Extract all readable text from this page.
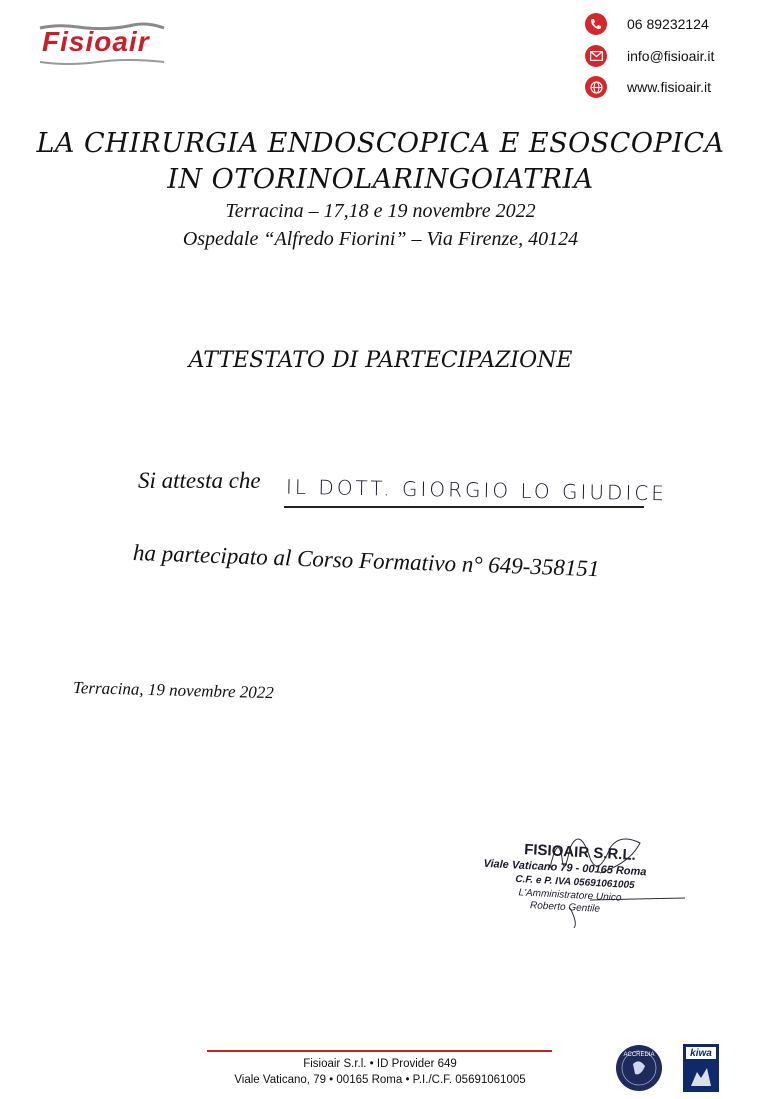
Fisioair
06 89232124
info@fisioair.it
www.fisioair.it
LA CHIRURGIA ENDOSCOPICA E ESOSCOPICA
IN OTORINOLARINGOIATRIA
Terracina – 17,18 e 19 novembre 2022
Ospedale “Alfredo Fiorini” – Via Firenze, 40124
ATTESTATO DI PARTECIPAZIONE
Si attesta che IL DOTT. GIORGIO LO GIUDICE
ha partecipato al Corso Formativo n° 649-358151
Terracina, 19 novembre 2022
FISIOAIR S.R.L.
Viale Vaticano 79 - 00165 Roma
C.F. e P. IVA 05691061005
L'Amministratore Unico
Roberto Gentile
Fisioair S.r.l. • ID Provider 649
Viale Vaticano, 79 • 00165 Roma • P.I./C.F. 05691061005
ACCREDIA	kiwa
